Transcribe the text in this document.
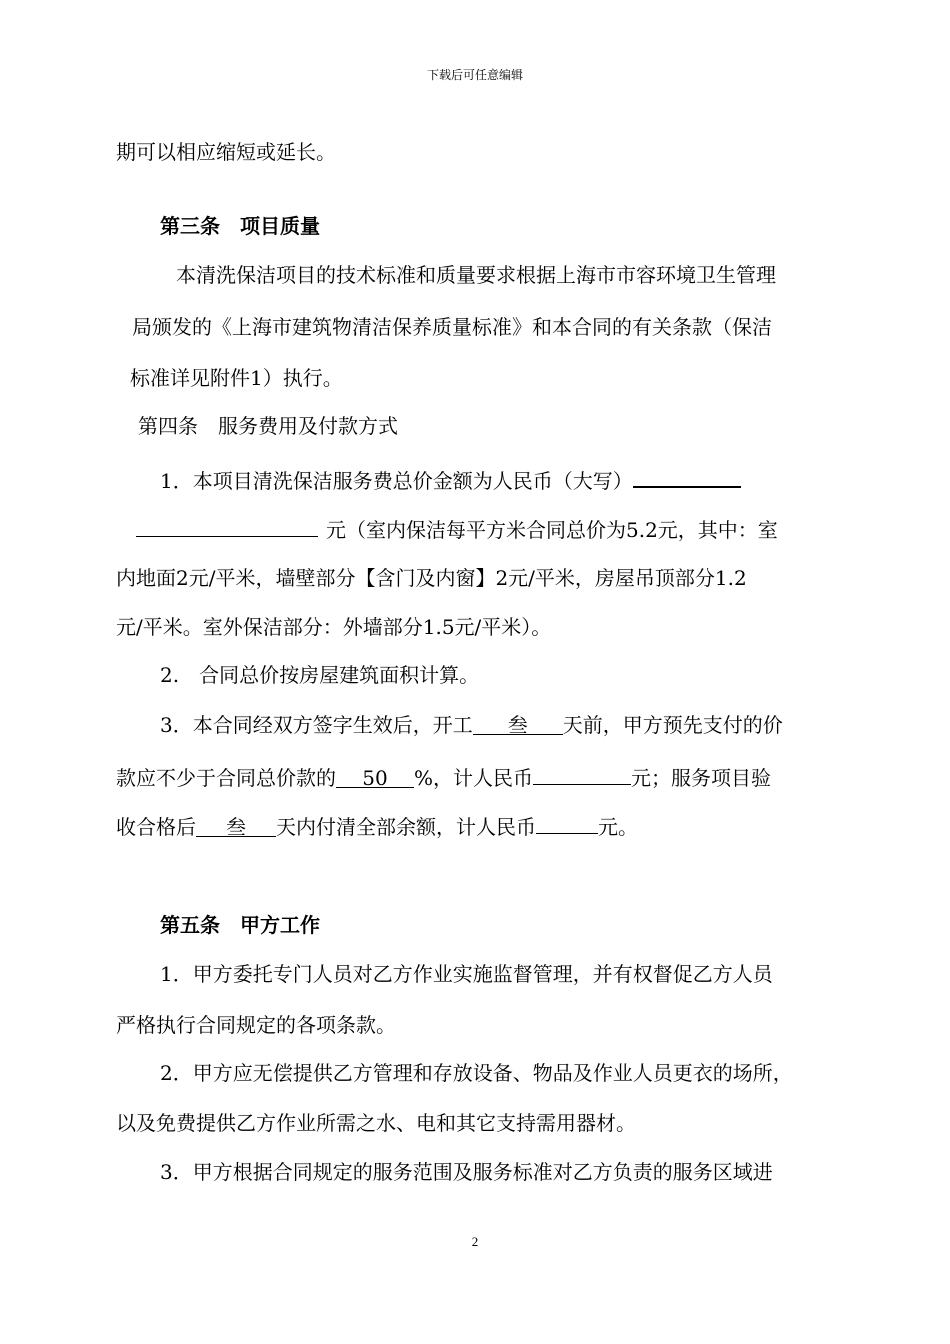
下载后可任意编辑
期可以相应缩短或延长。
第三条　项目质量
本清洗保洁项目的技术标准和质量要求根据上海市市容环境卫生管理
局颁发的《上海市建筑物清洁保养质量标准》和本合同的有关条款（保洁
标准详见附件1）执行。
第四条　服务费用及付款方式
1．本项目清洗保洁服务费总价金额为人民币（大写）
元（室内保洁每平方米合同总价为5.2元，其中：室
内地面2元/平米，墙壁部分【含门及内窗】2元/平米，房屋吊顶部分1.2
元/平米。室外保洁部分：外墙部分1.5元/平米）。
2.　合同总价按房屋建筑面积计算。
3．本合同经双方签字生效后，开工 叁 天前，甲方预先支付的价
款应不少于合同总价款的 50 %，计人民币	元；服务项目验
收合格后 叁 天内付清全部余额，计人民币	元。
第五条　甲方工作
1．甲方委托专门人员对乙方作业实施监督管理，并有权督促乙方人员
严格执行合同规定的各项条款。
2．甲方应无偿提供乙方管理和存放设备、物品及作业人员更衣的场所，
以及免费提供乙方作业所需之水、电和其它支持需用器材。
3．甲方根据合同规定的服务范围及服务标准对乙方负责的服务区域进
2
